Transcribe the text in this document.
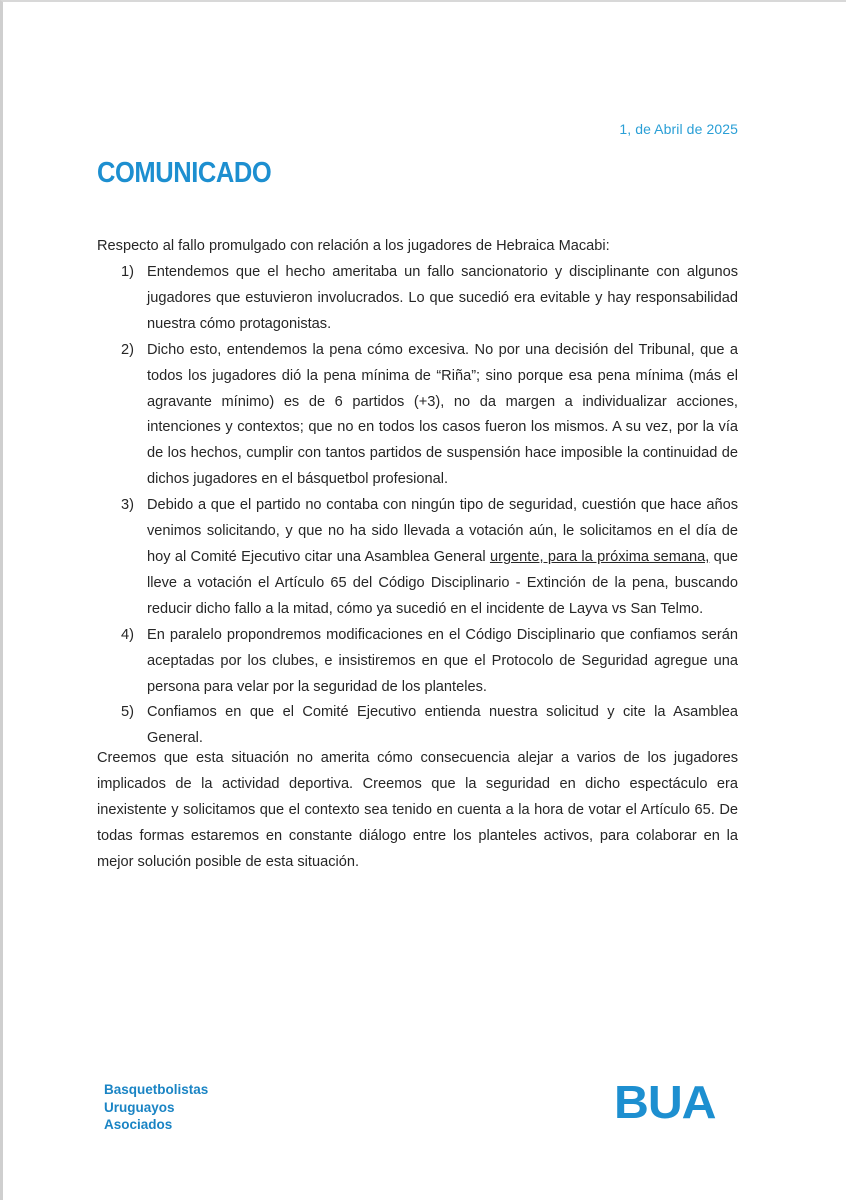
1, de Abril de 2025
COMUNICADO
Respecto al fallo promulgado con relación a los jugadores de Hebraica Macabi:
1) Entendemos que el hecho ameritaba un fallo sancionatorio y disciplinante con algunos jugadores que estuvieron involucrados. Lo que sucedió era evitable y hay responsabilidad nuestra cómo protagonistas.
2) Dicho esto, entendemos la pena cómo excesiva. No por una decisión del Tribunal, que a todos los jugadores dió la pena mínima de “Riña”; sino porque esa pena mínima (más el agravante mínimo) es de 6 partidos (+3), no da margen a individualizar acciones, intenciones y contextos; que no en todos los casos fueron los mismos. A su vez, por la vía de los hechos, cumplir con tantos partidos de suspensión hace imposible la continuidad de dichos jugadores en el básquetbol profesional.
3) Debido a que el partido no contaba con ningún tipo de seguridad, cuestión que hace años venimos solicitando, y que no ha sido llevada a votación aún, le solicitamos en el día de hoy al Comité Ejecutivo citar una Asamblea General urgente, para la próxima semana, que lleve a votación el Artículo 65 del Código Disciplinario - Extinción de la pena, buscando reducir dicho fallo a la mitad, cómo ya sucedió en el incidente de Layva vs San Telmo.
4) En paralelo propondremos modificaciones en el Código Disciplinario que confiamos serán aceptadas por los clubes, e insistiremos en que el Protocolo de Seguridad agregue una persona para velar por la seguridad de los planteles.
5) Confiamos en que el Comité Ejecutivo entienda nuestra solicitud y cite la Asamblea General.
Creemos que esta situación no amerita cómo consecuencia alejar a varios de los jugadores implicados de la actividad deportiva. Creemos que la seguridad en dicho espectáculo era inexistente y solicitamos que el contexto sea tenido en cuenta a la hora de votar el Artículo 65. De todas formas estaremos en constante diálogo entre los planteles activos, para colaborar en la mejor solución posible de esta situación.
Basquetbolistas
Uruguayos
Asociados	BUA
